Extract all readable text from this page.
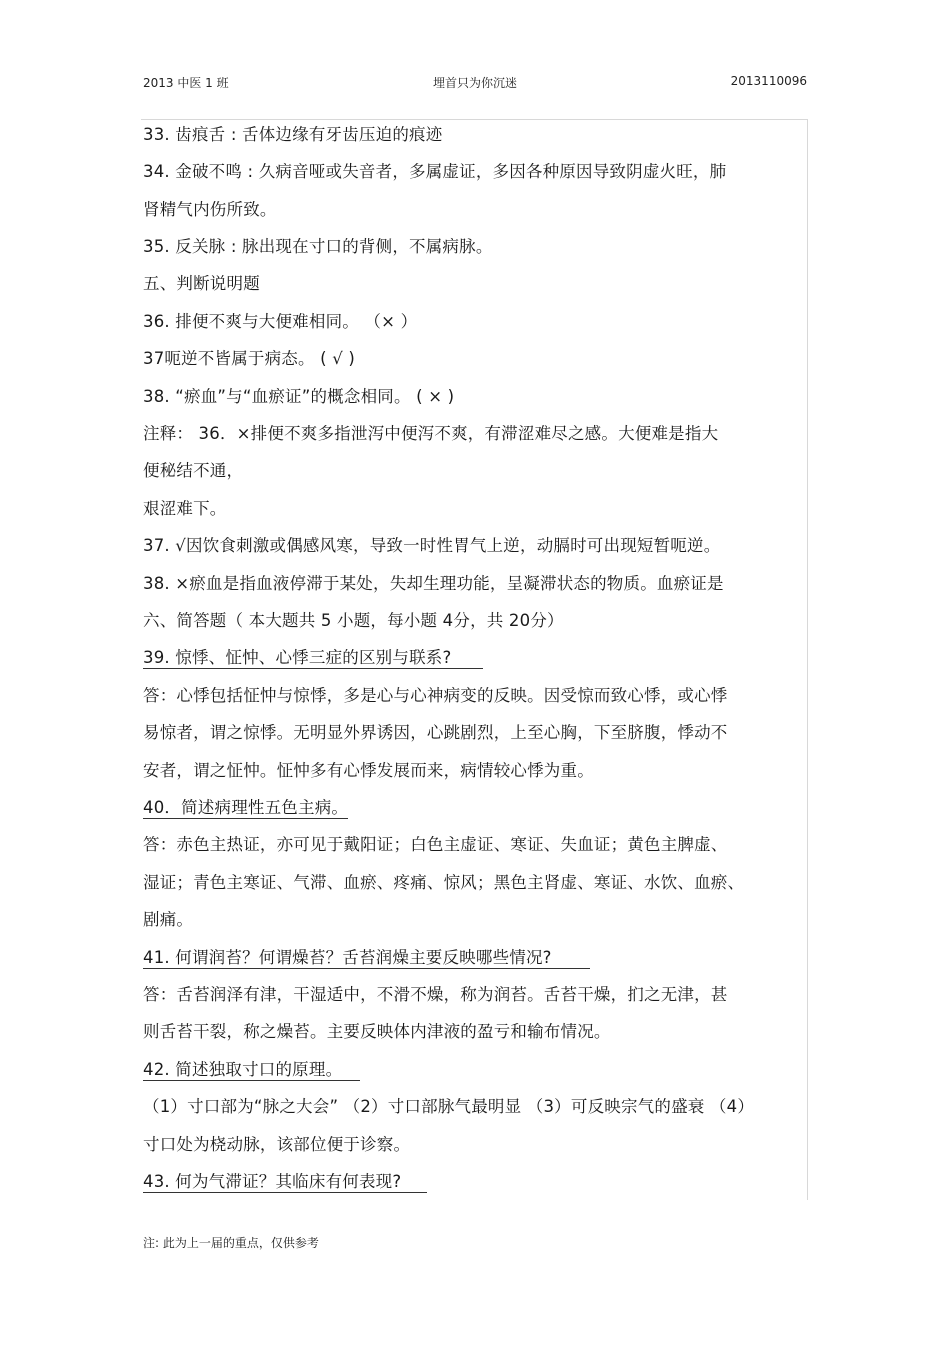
2013 中医 1 班	埋首只为你沉迷	2013110096
33. 齿痕舌 : 舌体边缘有牙齿压迫的痕迹
34. 金破不鸣 : 久病音哑或失音者，多属虚证，多因各种原因导致阴虚火旺，肺
肾精气内伤所致。
35. 反关脉 : 脉出现在寸口的背侧，不属病脉。
五、判断说明题
36. 排便不爽与大便难相同。 （× ）
37呃逆不皆属于病态。 ( √ )
38. “瘀血”与“血瘀证”的概念相同。 ( × )
注释： 36．×排便不爽多指泄泻中便泻不爽，有滞涩难尽之感。大便难是指大
便秘结不通，
艰涩难下。
37. √因饮食刺激或偶感风寒，导致一时性胃气上逆，动膈时可出现短暂呃逆。
38. ×瘀血是指血液停滞于某处，失却生理功能，呈凝滞状态的物质。血瘀证是
六、简答题（ 本大题共 5 小题，每小题 4分，共 20分）
39. 惊悸、怔忡、心悸三症的区别与联系?
答：心悸包括怔忡与惊悸，多是心与心神病变的反映。因受惊而致心悸，或心悸
易惊者，谓之惊悸。无明显外界诱因，心跳剧烈，上至心胸，下至脐腹，悸动不
安者，谓之怔忡。怔忡多有心悸发展而来，病情较心悸为重。
40．简述病理性五色主病。
答：赤色主热证，亦可见于戴阳证；白色主虚证、寒证、失血证；黄色主脾虚、
湿证；青色主寒证、气滞、血瘀、疼痛、惊风；黑色主肾虚、寒证、水饮、血瘀、
剧痛。
41. 何谓润苔？何谓燥苔？舌苔润燥主要反映哪些情况?
答：舌苔润泽有津，干湿适中，不滑不燥，称为润苔。舌苔干燥，扪之无津，甚
则舌苔干裂，称之燥苔。主要反映体内津液的盈亏和输布情况。
42. 简述独取寸口的原理。
（1）寸口部为“脉之大会” （2）寸口部脉气最明显 （3）可反映宗气的盛衰 （4）
寸口处为桡动脉，该部位便于诊察。
43. 何为气滞证？其临床有何表现?
注: 此为上一届的重点，仅供参考
